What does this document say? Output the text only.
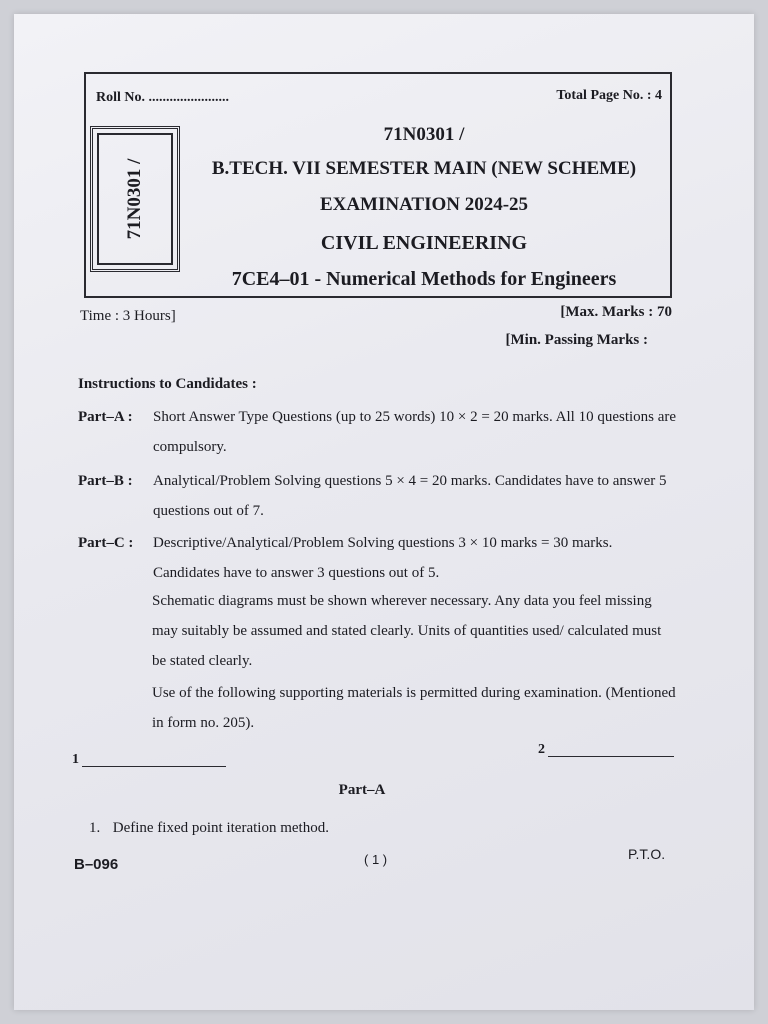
Roll No. .......................	Total Page No. : 4
71N0301 /
71N0301 /
B.TECH. VII SEMESTER MAIN (NEW SCHEME)
EXAMINATION 2024-25
CIVIL ENGINEERING
7CE4–01 - Numerical Methods for Engineers
Time : 3 Hours]	[Max. Marks : 70
[Min. Passing Marks :
Instructions to Candidates :
Part–A : Short Answer Type Questions (up to 25 words) 10 × 2 = 20 marks. All 10 questions are compulsory.
Part–B : Analytical/Problem Solving questions 5 × 4 = 20 marks. Candidates have to answer 5 questions out of 7.
Part–C : Descriptive/Analytical/Problem Solving questions 3 × 10 marks = 30 marks. Candidates have to answer 3 questions out of 5.
Schematic diagrams must be shown wherever necessary. Any data you feel missing may suitably be assumed and stated clearly. Units of quantities used/ calculated must be stated clearly.
Use of the following supporting materials is permitted during examination. (Mentioned in form no. 205).
1
2
Part–A
1. Define fixed point iteration method.
B–096	( 1 )	P.T.O.
